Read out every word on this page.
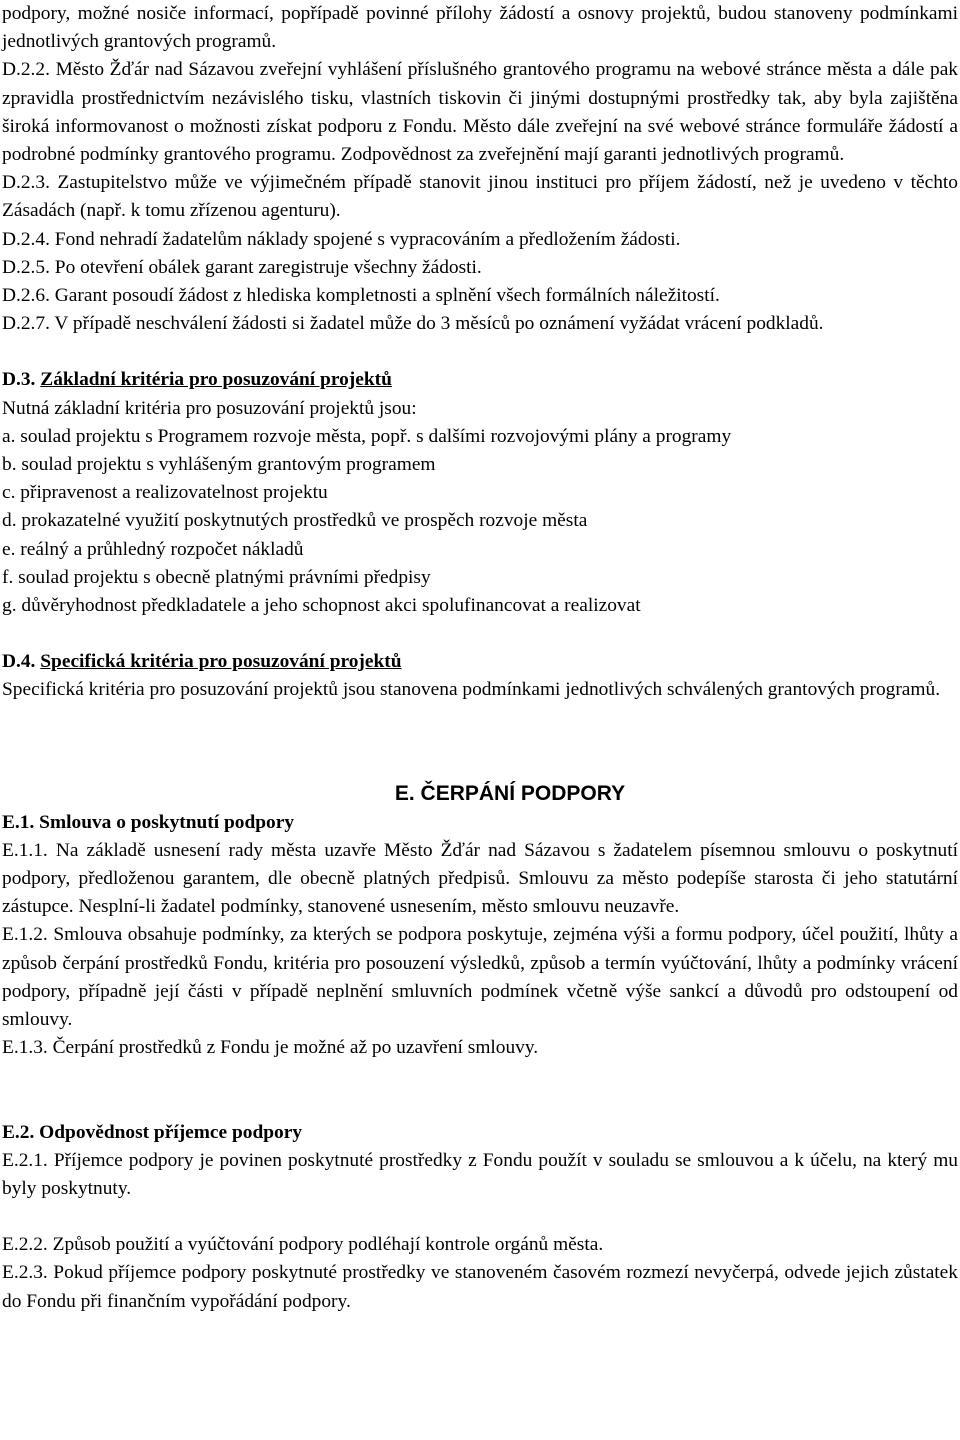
podpory, možné nosiče informací, popřípadě povinné přílohy žádostí a osnovy projektů, budou stanoveny podmínkami jednotlivých grantových programů.

D.2.2. Město Žďár nad Sázavou zveřejní vyhlášení příslušného grantového programu na webové stránce města a dále pak zpravidla prostřednictvím nezávislého tisku, vlastních tiskovin či jinými dostupnými prostředky tak, aby byla zajištěna široká informovanost o možnosti získat podporu z Fondu. Město dále zveřejní na své webové stránce formuláře žádostí a podrobné podmínky grantového programu. Zodpovědnost za zveřejnění mají garanti jednotlivých programů.

D.2.3. Zastupitelstvo může ve výjimečném případě stanovit jinou instituci pro příjem žádostí, než je uvedeno v těchto Zásadách (např. k tomu zřízenou agenturu).

D.2.4. Fond nehradí žadatelům náklady spojené s vypracováním a předložením žádosti.

D.2.5. Po otevření obálek garant zaregistruje všechny žádosti.

D.2.6. Garant posoudí žádost z hlediska kompletnosti a splnění všech formálních náležitostí.

D.2.7. V případě neschválení žádosti si žadatel může do 3 měsíců po oznámení vyžádat vrácení podkladů.

D.3. Základní kritéria pro posuzování projektů

Nutná základní kritéria pro posuzování projektů jsou:

a. soulad projektu s Programem rozvoje města, popř. s dalšími rozvojovými plány a programy

b. soulad projektu s vyhlášeným grantovým programem

c. připravenost a realizovatelnost projektu

d. prokazatelné využití poskytnutých prostředků ve prospěch rozvoje města

e. reálný a průhledný rozpočet nákladů

f. soulad projektu s obecně platnými právními předpisy

g. důvěryhodnost předkladatele a jeho schopnost akci spolufinancovat a realizovat

D.4. Specifická kritéria pro posuzování projektů

Specifická kritéria pro posuzování projektů jsou stanovena podmínkami jednotlivých schválených grantových programů.

E. ČERPÁNÍ PODPORY

E.1. Smlouva o poskytnutí podpory

E.1.1. Na základě usnesení rady města uzavře Město Žďár nad Sázavou s žadatelem písemnou smlouvu o poskytnutí podpory, předloženou garantem, dle obecně platných předpisů. Smlouvu za město podepíše starosta či jeho statutární zástupce. Nesplní-li žadatel podmínky, stanovené usnesením, město smlouvu neuzavře.

E.1.2. Smlouva obsahuje podmínky, za kterých se podpora poskytuje, zejména výši a formu podpory, účel použití, lhůty a způsob čerpání prostředků Fondu, kritéria pro posouzení výsledků, způsob a termín vyúčtování, lhůty a podmínky vrácení podpory, případně její části v případě neplnění smluvních podmínek včetně výše sankcí a důvodů pro odstoupení od smlouvy.

E.1.3. Čerpání prostředků z Fondu je možné až po uzavření smlouvy.

E.2. Odpovědnost příjemce podpory

E.2.1. Příjemce podpory je povinen poskytnuté prostředky z Fondu použít v souladu se smlouvou a k účelu, na který mu byly poskytnuty.

E.2.2. Způsob použití a vyúčtování podpory podléhají kontrole orgánů města.

E.2.3. Pokud příjemce podpory poskytnuté prostředky ve stanoveném časovém rozmezí nevyčerpá, odvede jejich zůstatek do Fondu při finančním vypořádání podpory.
